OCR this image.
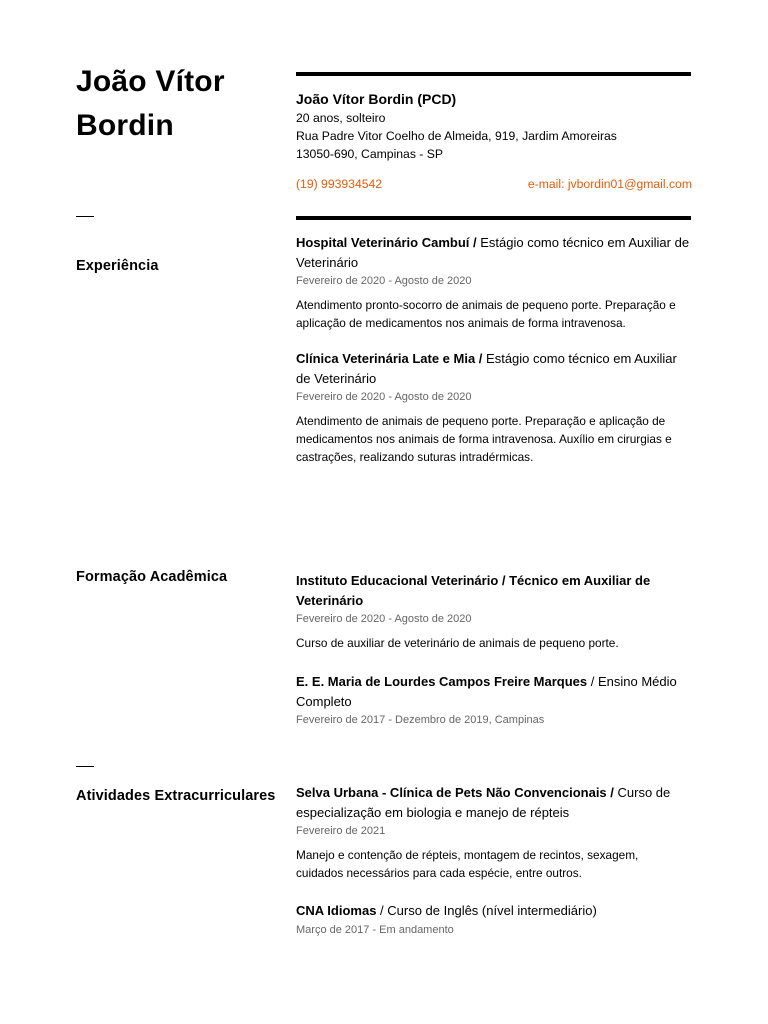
João Vítor
Bordin
Experiência
Formação Acadêmica
Atividades Extracurriculares
João Vítor Bordin (PCD)
20 anos, solteiro
Rua Padre Vitor Coelho de Almeida, 919, Jardim Amoreiras
13050-690, Campinas - SP
(19) 993934542	e-mail: jvbordin01@gmail.com
Hospital Veterinário Cambuí / Estágio como técnico em Auxiliar de Veterinário
Fevereiro de 2020 - Agosto de 2020
Atendimento pronto-socorro de animais de pequeno porte. Preparação e aplicação de medicamentos nos animais de forma intravenosa.
Clínica Veterinária Late e Mia / Estágio como técnico em Auxiliar de Veterinário
Fevereiro de 2020 - Agosto de 2020
Atendimento de animais de pequeno porte. Preparação e aplicação de medicamentos nos animais de forma intravenosa. Auxílio em cirurgias e castrações, realizando suturas intradérmicas.
Instituto Educacional Veterinário / Técnico em Auxiliar de Veterinário
Fevereiro de 2020 - Agosto de 2020
Curso de auxiliar de veterinário de animais de pequeno porte.
E. E. Maria de Lourdes Campos Freire Marques / Ensino Médio Completo
Fevereiro de 2017 - Dezembro de 2019, Campinas
Selva Urbana - Clínica de Pets Não Convencionais / Curso de especialização em biologia e manejo de répteis
Fevereiro de 2021
Manejo e contenção de répteis, montagem de recintos, sexagem, cuidados necessários para cada espécie, entre outros.
CNA Idiomas / Curso de Inglês (nível intermediário)
Março de 2017 - Em andamento
